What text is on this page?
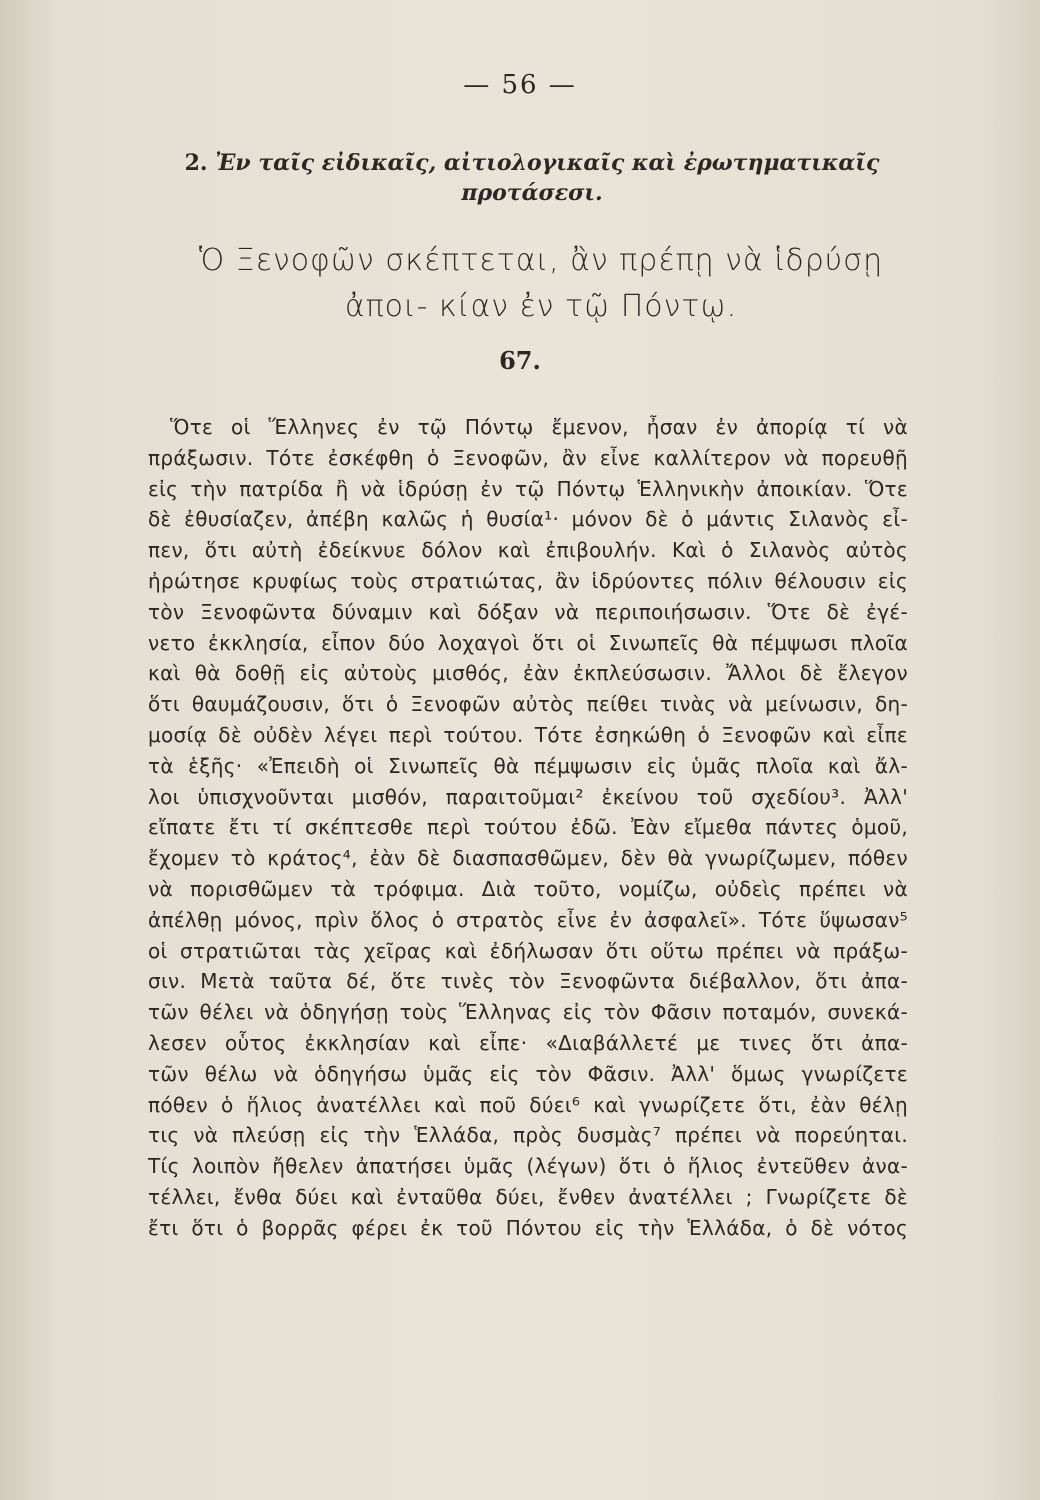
— 56 —
2. Ἐν ταῖς εἰδικαῖς, αἰτιολογικαῖς καὶ ἐρωτηματικαῖς προτάσεσι.
Ὁ Ξενοφῶν σκέπτεται, ἂν πρέπῃ νὰ ἱδρύσῃ ἀποι- κίαν ἐν τῷ Πόντῳ.
67.
Ὅτε οἱ Ἕλληνες ἐν τῷ Πόντῳ ἔμενον, ἦσαν ἐν ἀπορίᾳ τί νὰ
πράξωσιν. Τότε ἐσκέφθη ὁ Ξενοφῶν, ἂν εἶνε καλλίτερον νὰ πορευθῇ
εἰς τὴν πατρίδα ἢ νὰ ἱδρύσῃ ἐν τῷ Πόντῳ Ἑλληνικὴν ἀποικίαν. Ὅτε
δὲ ἐθυσίαζεν, ἀπέβη καλῶς ἡ θυσία¹· μόνον δὲ ὁ μάντις Σιλανὸς εἶ-
πεν, ὅτι αὐτὴ ἐδείκνυε δόλον καὶ ἐπιβουλήν. Καὶ ὁ Σιλανὸς αὐτὸς
ἠρώτησε κρυφίως τοὺς στρατιώτας, ἂν ἱδρύοντες πόλιν θέλουσιν εἰς
τὸν Ξενοφῶντα δύναμιν καὶ δόξαν νὰ περιποιήσωσιν. Ὅτε δὲ ἐγέ-
νετο ἐκκλησία, εἶπον δύο λοχαγοὶ ὅτι οἱ Σινωπεῖς θὰ πέμψωσι πλοῖα
καὶ θὰ δοθῇ εἰς αὐτοὺς μισθός, ἐὰν ἐκπλεύσωσιν. Ἄλλοι δὲ ἔλεγον
ὅτι θαυμάζουσιν, ὅτι ὁ Ξενοφῶν αὐτὸς πείθει τινὰς νὰ μείνωσιν, δη-
μοσίᾳ δὲ οὐδὲν λέγει περὶ τούτου. Τότε ἐσηκώθη ὁ Ξενοφῶν καὶ εἶπε
τὰ ἑξῆς· «Ἐπειδὴ οἱ Σινωπεῖς θὰ πέμψωσιν εἰς ὑμᾶς πλοῖα καὶ ἄλ-
λοι ὑπισχνοῦνται μισθόν, παραιτοῦμαι² ἐκείνου τοῦ σχεδίου³. Ἀλλ'
εἴπατε ἔτι τί σκέπτεσθε περὶ τούτου ἐδῶ. Ἐὰν εἴμεθα πάντες ὁμοῦ,
ἔχομεν τὸ κράτος⁴, ἐὰν δὲ διασπασθῶμεν, δὲν θὰ γνωρίζωμεν, πόθεν
νὰ πορισθῶμεν τὰ τρόφιμα. Διὰ τοῦτο, νομίζω, οὐδεὶς πρέπει νὰ
ἀπέλθῃ μόνος, πρὶν ὅλος ὁ στρατὸς εἶνε ἐν ἀσφαλεῖ». Τότε ὕψωσαν⁵
οἱ στρατιῶται τὰς χεῖρας καὶ ἐδήλωσαν ὅτι οὕτω πρέπει νὰ πράξω-
σιν. Μετὰ ταῦτα δέ, ὅτε τινὲς τὸν Ξενοφῶντα διέβαλλον, ὅτι ἀπα-
τῶν θέλει νὰ ὁδηγήσῃ τοὺς Ἕλληνας εἰς τὸν Φᾶσιν ποταμόν, συνεκά-
λεσεν οὗτος ἐκκλησίαν καὶ εἶπε· «Διαβάλλετέ με τινες ὅτι ἀπα-
τῶν θέλω νὰ ὁδηγήσω ὑμᾶς εἰς τὸν Φᾶσιν. Ἀλλ' ὅμως γνωρίζετε
πόθεν ὁ ἥλιος ἀνατέλλει καὶ ποῦ δύει⁶ καὶ γνωρίζετε ὅτι, ἐὰν θέλῃ
τις νὰ πλεύσῃ εἰς τὴν Ἑλλάδα, πρὸς δυσμὰς⁷ πρέπει νὰ πορεύηται.
Τίς λοιπὸν ἤθελεν ἀπατήσει ὑμᾶς (λέγων) ὅτι ὁ ἥλιος ἐντεῦθεν ἀνα-
τέλλει, ἔνθα δύει καὶ ἐνταῦθα δύει, ἔνθεν ἀνατέλλει ; Γνωρίζετε δὲ
ἔτι ὅτι ὁ βορρᾶς φέρει ἐκ τοῦ Πόντου εἰς τὴν Ἑλλάδα, ὁ δὲ νότος
